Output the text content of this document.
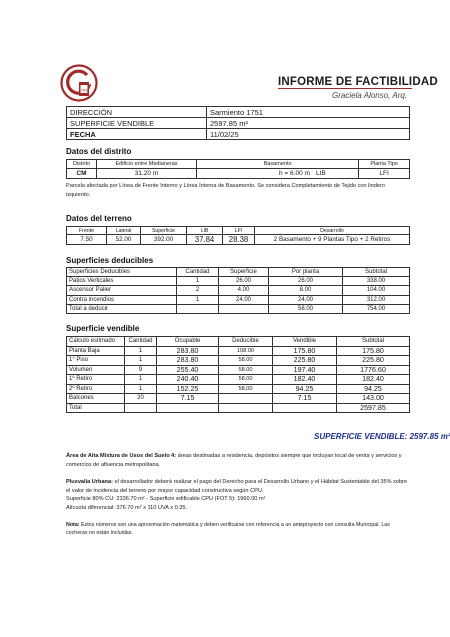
Arq
INFORME DE FACTIBILIDAD
Graciela Alonso, Arq.
DIRECCIÓN	Sarmiento 1751
SUPERFICIE VENDIBLE	2597.85 m²
FECHA	11/02/25
Datos del distrito
Distrito	Edificio entre Medianeras	Basamento		Planta Tipo
CM	31.20 m	h = 6.00 m	LIB	LFI
Parcela afectada por Línea de Frente Interno y Línea Interna de Basamento. Se considera Completamiento de Tejido con lindero izquierdo.
Datos del terreno
Frente	Lateral	Superficie	LIB	LFI	Desarrollo
7.50	52.00	392.00	37.84	28.38	2 Basamento + 9 Plantas Tipo + 2 Retiros
Superficies deducibles
Superficies Deducibles	Cantidad	Superficie	Por planta	Subtotal
Patios Verticales	1	26.00	26.00	338.00
Ascensor Palier	2	4.00	8.00	104.00
Contra incendios	1	24.00	24.00	312.00
Total a deducir			58.00	754.00
Superficie vendible
Cálculo estimado	Cantidad	Ocupable	Deducible	Vendible	Subtotal
Planta Baja	1	283.80	108.00	175.80	175.80
1° Piso	1	283.80	58.00	225.80	225.80
Volumen	9	255.40	58.00	197.40	1776.60
1º Retiro	1	240.40	58.00	182.40	182.40
2º Retiro	1	152.25	58.00	94.25	94.25
Balcones	20	7.15		7.15	143.00
Total					2597.85
SUPERFICIE VENDIBLE: 2597.85 m²
Área de Alta Mixtura de Usos del Suelo 4: áreas destinadas a residencia, depósitos siempre que incluyan local de venta y servicios y comercios de afluencia metropolitana.
Plusvalía Urbana: el desarrollador deberá realizar el pago del Derecho para el Desarrollo Urbano y el Hábitat Sustentable del 35% sobre el valor de incidencia del terreno por mayor capacidad constructiva según CPU.
Superficie 80% CU: 2336.70 m² - Superficie edificable CPU (FOT 5): 1960.00 m²
Alícuota diferencial: 376.70 m² x 110 UVA x 0.35.
Nota: Estos números son una aproximación matemática y deben verificarse con referencia a un anteproyecto con consulta Municipal. Las cocheras no están incluidas.
